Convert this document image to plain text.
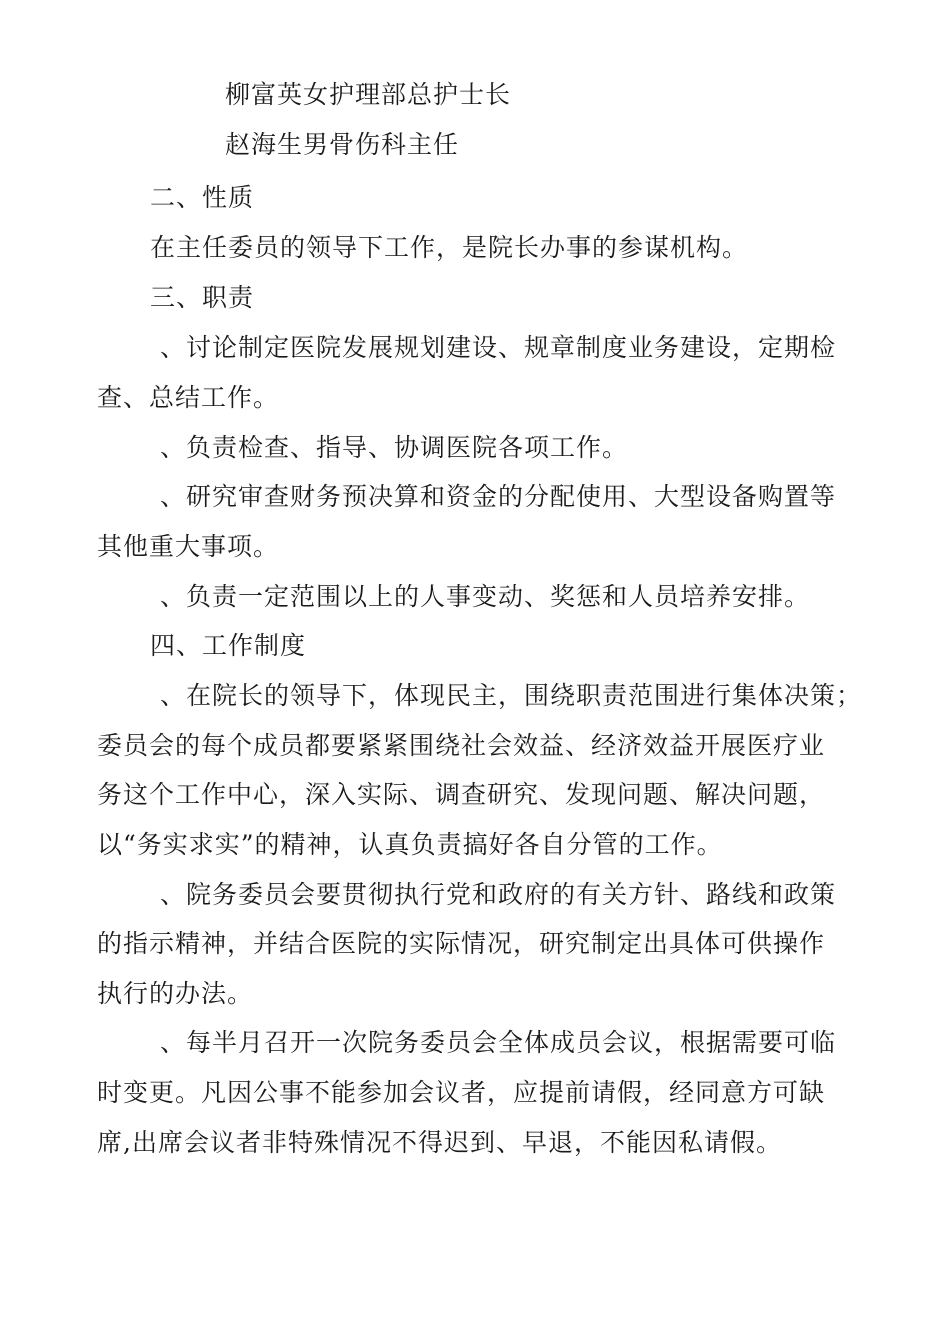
柳富英女护理部总护士长
赵海生男骨伤科主任
二、性质
在主任委员的领导下工作，是院长办事的参谋机构。
三、职责
、讨论制定医院发展规划建设、规章制度业务建设，定期检
查、总结工作。
、负责检查、指导、协调医院各项工作。
、研究审查财务预决算和资金的分配使用、大型设备购置等
其他重大事项。
、负责一定范围以上的人事变动、奖惩和人员培养安排。
四、工作制度
、在院长的领导下，体现民主，围绕职责范围进行集体决策；
委员会的每个成员都要紧紧围绕社会效益、经济效益开展医疗业
务这个工作中心，深入实际、调查研究、发现问题、解决问题，
以“务实求实”的精神，认真负责搞好各自分管的工作。
、院务委员会要贯彻执行党和政府的有关方针、路线和政策
的指示精神，并结合医院的实际情况，研究制定出具体可供操作
执行的办法。
、每半月召开一次院务委员会全体成员会议，根据需要可临
时变更。凡因公事不能参加会议者，应提前请假，经同意方可缺
席,出席会议者非特殊情况不得迟到、早退，不能因私请假。
